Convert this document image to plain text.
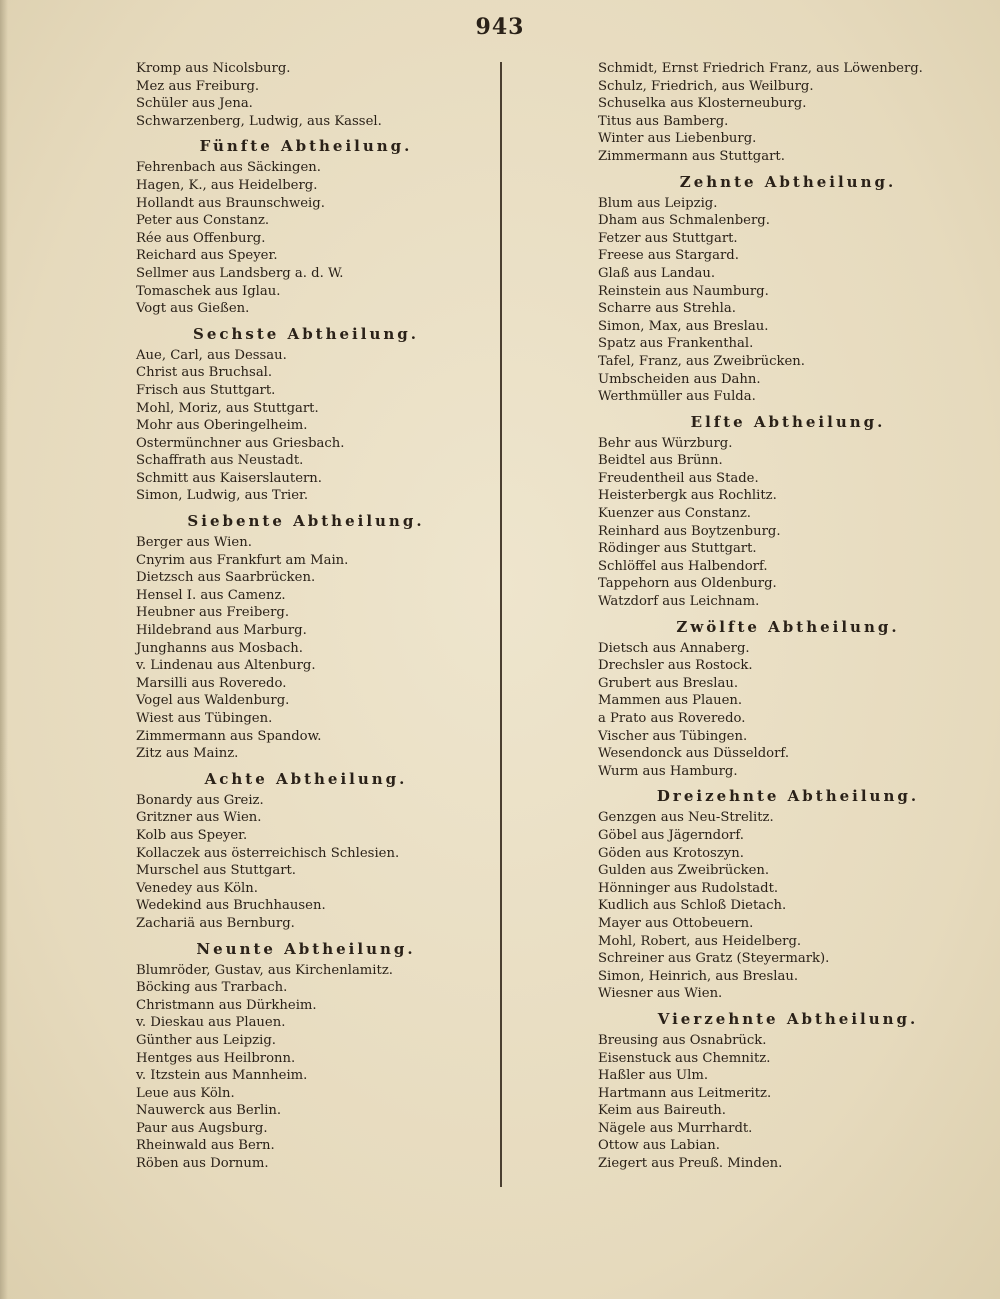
943
Kromp aus Nicolsburg.
Mez aus Freiburg.
Schüler aus Jena.
Schwarzenberg, Ludwig, aus Kassel.
Fünfte Abtheilung.
Fehrenbach aus Säckingen.
Hagen, K., aus Heidelberg.
Hollandt aus Braunschweig.
Peter aus Constanz.
Rée aus Offenburg.
Reichard aus Speyer.
Sellmer aus Landsberg a. d. W.
Tomaschek aus Iglau.
Vogt aus Gießen.
Sechste Abtheilung.
Aue, Carl, aus Dessau.
Christ aus Bruchsal.
Frisch aus Stuttgart.
Mohl, Moriz, aus Stuttgart.
Mohr aus Oberingelheim.
Ostermünchner aus Griesbach.
Schaffrath aus Neustadt.
Schmitt aus Kaiserslautern.
Simon, Ludwig, aus Trier.
Siebente Abtheilung.
Berger aus Wien.
Cnyrim aus Frankfurt am Main.
Dietzsch aus Saarbrücken.
Hensel I. aus Camenz.
Heubner aus Freiberg.
Hildebrand aus Marburg.
Junghanns aus Mosbach.
v. Lindenau aus Altenburg.
Marsilli aus Roveredo.
Vogel aus Waldenburg.
Wiest aus Tübingen.
Zimmermann aus Spandow.
Zitz aus Mainz.
Achte Abtheilung.
Bonardy aus Greiz.
Gritzner aus Wien.
Kolb aus Speyer.
Kollaczek aus österreichisch Schlesien.
Murschel aus Stuttgart.
Venedey aus Köln.
Wedekind aus Bruchhausen.
Zachariä aus Bernburg.
Neunte Abtheilung.
Blumröder, Gustav, aus Kirchenlamitz.
Böcking aus Trarbach.
Christmann aus Dürkheim.
v. Dieskau aus Plauen.
Günther aus Leipzig.
Hentges aus Heilbronn.
v. Itzstein aus Mannheim.
Leue aus Köln.
Nauwerck aus Berlin.
Paur aus Augsburg.
Rheinwald aus Bern.
Röben aus Dornum.
Schmidt, Ernst Friedrich Franz, aus Löwenberg.
Schulz, Friedrich, aus Weilburg.
Schuselka aus Klosterneuburg.
Titus aus Bamberg.
Winter aus Liebenburg.
Zimmermann aus Stuttgart.
Zehnte Abtheilung.
Blum aus Leipzig.
Dham aus Schmalenberg.
Fetzer aus Stuttgart.
Freese aus Stargard.
Glaß aus Landau.
Reinstein aus Naumburg.
Scharre aus Strehla.
Simon, Max, aus Breslau.
Spatz aus Frankenthal.
Tafel, Franz, aus Zweibrücken.
Umbscheiden aus Dahn.
Werthmüller aus Fulda.
Elfte Abtheilung.
Behr aus Würzburg.
Beidtel aus Brünn.
Freudentheil aus Stade.
Heisterbergk aus Rochlitz.
Kuenzer aus Constanz.
Reinhard aus Boytzenburg.
Rödinger aus Stuttgart.
Schlöffel aus Halbendorf.
Tappehorn aus Oldenburg.
Watzdorf aus Leichnam.
Zwölfte Abtheilung.
Dietsch aus Annaberg.
Drechsler aus Rostock.
Grubert aus Breslau.
Mammen aus Plauen.
a Prato aus Roveredo.
Vischer aus Tübingen.
Wesendonck aus Düsseldorf.
Wurm aus Hamburg.
Dreizehnte Abtheilung.
Genzgen aus Neu-Strelitz.
Göbel aus Jägerndorf.
Göden aus Krotoszyn.
Gulden aus Zweibrücken.
Hönninger aus Rudolstadt.
Kudlich aus Schloß Dietach.
Mayer aus Ottobeuern.
Mohl, Robert, aus Heidelberg.
Schreiner aus Gratz (Steyermark).
Simon, Heinrich, aus Breslau.
Wiesner aus Wien.
Vierzehnte Abtheilung.
Breusing aus Osnabrück.
Eisenstuck aus Chemnitz.
Haßler aus Ulm.
Hartmann aus Leitmeritz.
Keim aus Baireuth.
Nägele aus Murrhardt.
Ottow aus Labian.
Ziegert aus Preuß. Minden.
